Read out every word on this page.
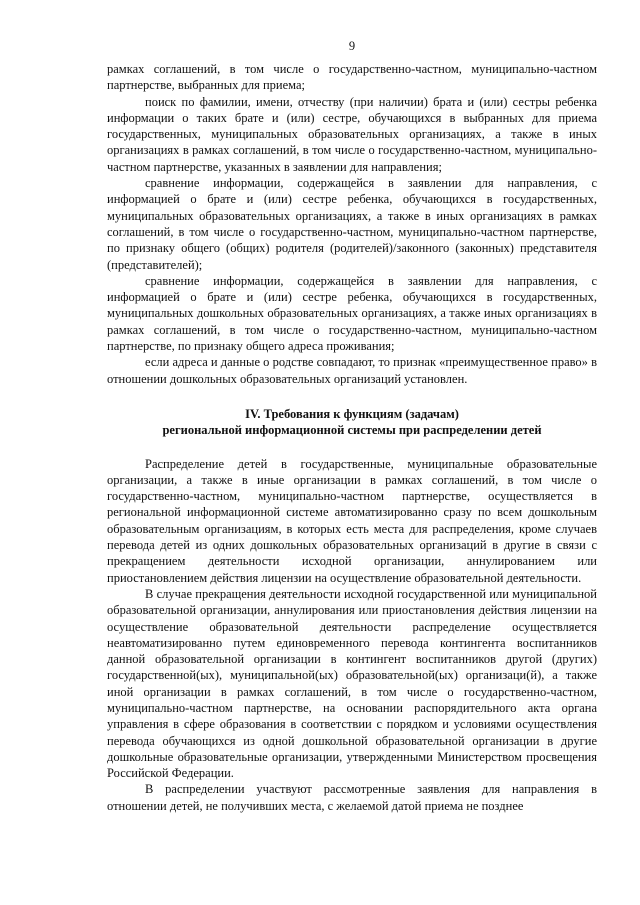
9

рамках соглашений, в том числе о государственно-частном, муниципально-частном партнерстве, выбранных для приема;

поиск по фамилии, имени, отчеству (при наличии) брата и (или) сестры ребенка информации о таких брате и (или) сестре, обучающихся в выбранных для приема государственных, муниципальных образовательных организациях, а также в иных организациях в рамках соглашений, в том числе о государственно-частном, муниципально-частном партнерстве, указанных в заявлении для направления;

сравнение информации, содержащейся в заявлении для направления, с информацией о брате и (или) сестре ребенка, обучающихся в государственных, муниципальных образовательных организациях, а также в иных организациях в рамках соглашений, в том числе о государственно-частном, муниципально-частном партнерстве, по признаку общего (общих) родителя (родителей)/законного (законных) представителя (представителей);

сравнение информации, содержащейся в заявлении для направления, с информацией о брате и (или) сестре ребенка, обучающихся в государственных, муниципальных дошкольных образовательных организациях, а также иных организациях в рамках соглашений, в том числе о государственно-частном, муниципально-частном партнерстве, по признаку общего адреса проживания;

если адреса и данные о родстве совпадают, то признак «преимущественное право» в отношении дошкольных образовательных организаций установлен.

IV. Требования к функциям (задачам)
региональной информационной системы при распределении детей

Распределение детей в государственные, муниципальные образовательные организации, а также в иные организации в рамках соглашений, в том числе о государственно-частном, муниципально-частном партнерстве, осуществляется в региональной информационной системе автоматизированно сразу по всем дошкольным образовательным организациям, в которых есть места для распределения, кроме случаев перевода детей из одних дошкольных образовательных организаций в другие в связи с прекращением деятельности исходной организации, аннулированием или приостановлением действия лицензии на осуществление образовательной деятельности.

В случае прекращения деятельности исходной государственной или муниципальной образовательной организации, аннулирования или приостановления действия лицензии на осуществление образовательной деятельности распределение осуществляется неавтоматизированно путем единовременного перевода контингента воспитанников данной образовательной организации в контингент воспитанников другой (других) государственной(ых), муниципальной(ых) образовательной(ых) организаци(й), а также иной организации в рамках соглашений, в том числе о государственно-частном, муниципально-частном партнерстве, на основании распорядительного акта органа управления в сфере образования в соответствии с порядком и условиями осуществления перевода обучающихся из одной дошкольной образовательной организации в другие дошкольные образовательные организации, утвержденными Министерством просвещения Российской Федерации.

В распределении участвуют рассмотренные заявления для направления в отношении детей, не получивших места, с желаемой датой приема не позднее
